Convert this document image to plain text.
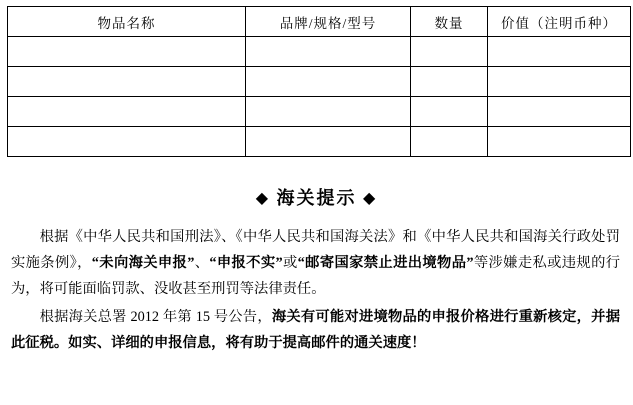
物品名称	品牌/规格/型号	数量	价值（注明币种）

◆ 海关提示 ◆

根据《中华人民共和国刑法》、《中华人民共和国海关法》和《中华人民共和国海关行政处罚实施条例》，“未向海关申报”、“申报不实”或“邮寄国家禁止进出境物品”等涉嫌走私或违规的行为，将可能面临罚款、没收甚至刑罚等法律责任。

根据海关总署 2012 年第 15 号公告，海关有可能对进境物品的申报价格进行重新核定，并据此征税。如实、详细的申报信息，将有助于提高邮件的通关速度！
